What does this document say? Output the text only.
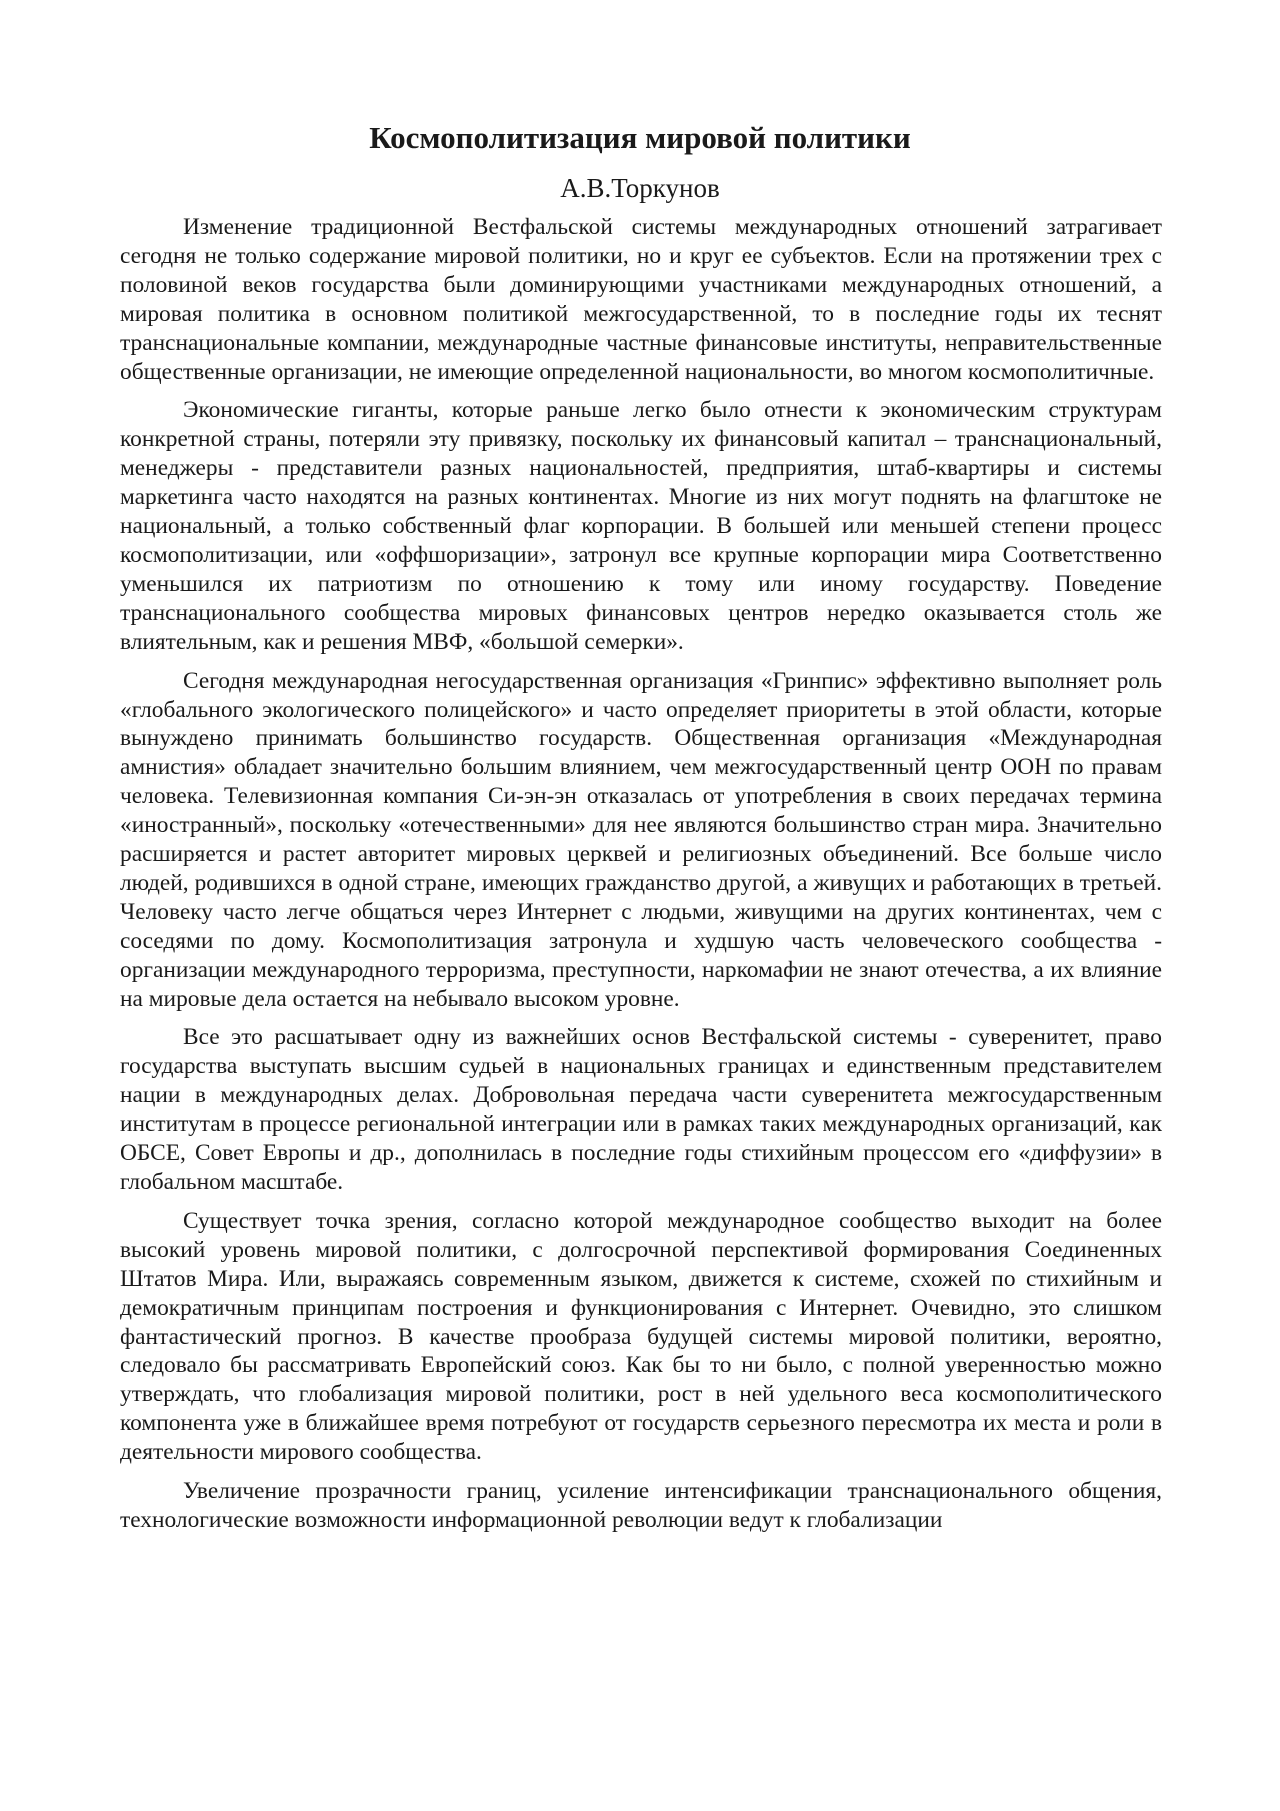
Космополитизация мировой политики
А.В.Торкунов

Изменение традиционной Вестфальской системы международных отношений затрагивает сегодня не только содержание мировой политики, но и круг ее субъектов. Если на протяжении трех с половиной веков государства были доминирующими участниками международных отношений, а мировая политика в основном политикой межгосударственной, то в последние годы их теснят транснациональные компании, международные частные финансовые институты, неправительственные общественные организации, не имеющие определенной национальности, во многом космополитичные.

Экономические гиганты, которые раньше легко было отнести к экономическим структурам конкретной страны, потеряли эту привязку, поскольку их финансовый капитал – транснациональный, менеджеры - представители разных национальностей, предприятия, штаб-квартиры и системы маркетинга часто находятся на разных континентах. Многие из них могут поднять на флагштоке не национальный, а только собственный флаг корпорации. В большей или меньшей степени процесс космополитизации, или «оффшоризации», затронул все крупные корпорации мира Соответственно уменьшился их патриотизм по отношению к тому или иному государству. Поведение транснационального сообщества мировых финансовых центров нередко оказывается столь же влиятельным, как и решения МВФ, «большой семерки».

Сегодня международная негосударственная организация «Гринпис» эффективно выполняет роль «глобального экологического полицейского» и часто определяет приоритеты в этой области, которые вынуждено принимать большинство государств. Общественная организация «Международная амнистия» обладает значительно большим влиянием, чем межгосударственный центр ООН по правам человека. Телевизионная компания Си-эн-эн отказалась от употребления в своих передачах термина «иностранный», поскольку «отечественными» для нее являются большинство стран мира. Значительно расширяется и растет авторитет мировых церквей и религиозных объединений. Все больше число людей, родившихся в одной стране, имеющих гражданство другой, а живущих и работающих в третьей. Человеку часто легче общаться через Интернет с людьми, живущими на других континентах, чем с соседями по дому. Космополитизация затронула и худшую часть человеческого сообщества - организации международного терроризма, преступности, наркомафии не знают отечества, а их влияние на мировые дела остается на небывало высоком уровне.

Все это расшатывает одну из важнейших основ Вестфальской системы - суверенитет, право государства выступать высшим судьей в национальных границах и единственным представителем нации в международных делах. Добровольная передача части суверенитета межгосударственным институтам в процессе региональной интеграции или в рамках таких международных организаций, как ОБСЕ, Совет Европы и др., дополнилась в последние годы стихийным процессом его «диффузии» в глобальном масштабе.

Существует точка зрения, согласно которой международное сообщество выходит на более высокий уровень мировой политики, с долгосрочной перспективой формирования Соединенных Штатов Мира. Или, выражаясь современным языком, движется к системе, схожей по стихийным и демократичным принципам построения и функционирования с Интернет. Очевидно, это слишком фантастический прогноз. В качестве прообраза будущей системы мировой политики, вероятно, следовало бы рассматривать Европейский союз. Как бы то ни было, с полной уверенностью можно утверждать, что глобализация мировой политики, рост в ней удельного веса космополитического компонента уже в ближайшее время потребуют от государств серьезного пересмотра их места и роли в деятельности мирового сообщества.

Увеличение прозрачности границ, усиление интенсификации транснационального общения, технологические возможности информационной революции ведут к глобализации
